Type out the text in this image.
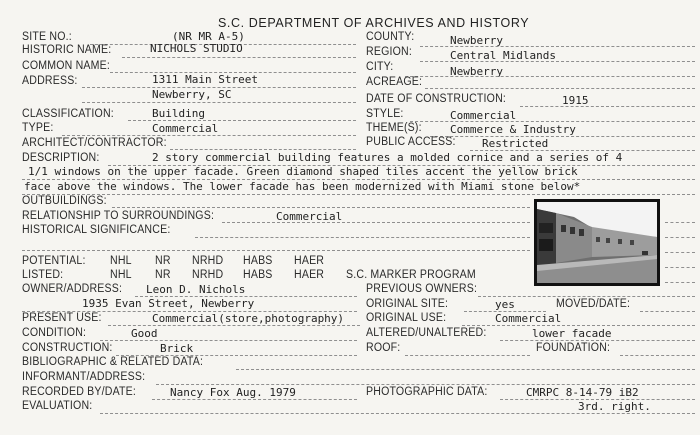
S.C. DEPARTMENT OF ARCHIVES AND HISTORY
SITE NO.:	(NR MR A-5)	COUNTY:	Newberry
HISTORIC NAME:	NICHOLS STUDIO	REGION:	Central Midlands
COMMON NAME:	CITY:	Newberry
ADDRESS:	1311 Main Street
Newberry, SC
ACREAGE:
DATE OF CONSTRUCTION:	1915
CLASSIFICATION:	Building	STYLE:	Commercial
TYPE:	Commercial	THEME(S):	Commerce & Industry
ARCHITECT/CONTRACTOR:	PUBLIC ACCESS: Restricted
DESCRIPTION:	2 story commercial building features a molded cornice and a series of 4
1/1 windows on the upper facade. Green diamond shaped tiles accent the yellow brick
face above the windows. The lower facade has been modernized with Miami stone below*
OUTBUILDINGS:
RELATIONSHIP TO SURROUNDINGS:	Commercial
HISTORICAL SIGNIFICANCE:
POTENTIAL: NHL NR NRHD HABS HAER
LISTED:	NHL NR NRHD HABS HAER S.C. MARKER PROGRAM
OWNER/ADDRESS: Leon D. Nichols	PREVIOUS OWNERS:
1935 Evan Street, Newberry	ORIGINAL SITE:	yes	MOVED/DATE:
PRESENT USE:	Commercial(store,photography) ORIGINAL USE:	Commercial
CONDITION:	Good	ALTERED/UNALTERED:	lower facade
CONSTRUCTION:	Brick	ROOF:	FOUNDATION:
BIBLIOGRAPHIC & RELATED DATA:
INFORMANT/ADDRESS:
RECORDED BY/DATE:	Nancy Fox Aug. 1979	PHOTOGRAPHIC DATA:	CMRPC 8-14-79 iB2
EVALUATION:	3rd. right.
